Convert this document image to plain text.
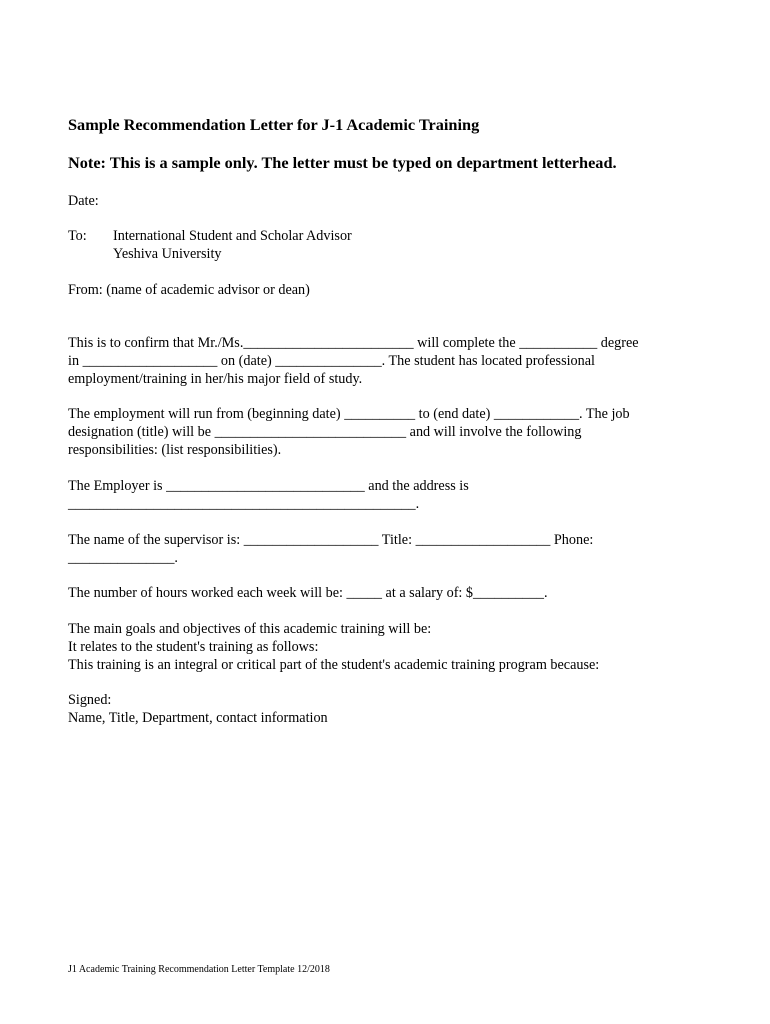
Sample Recommendation Letter for J-1 Academic Training
Note: This is a sample only. The letter must be typed on department letterhead.
Date:
To: International Student and Scholar Advisor
Yeshiva University
From: (name of academic advisor or dean)
This is to confirm that Mr./Ms.________________________ will complete the ___________ degree
in ___________________ on (date) _______________. The student has located professional
employment/training in her/his major field of study.
The employment will run from (beginning date) __________ to (end date) ____________. The job
designation (title) will be ___________________________ and will involve the following
responsibilities: (list responsibilities).
The Employer is ____________________________ and the address is
_________________________________________________.
The name of the supervisor is: ___________________ Title: ___________________ Phone:
_______________.
The number of hours worked each week will be: _____ at a salary of: $__________.
The main goals and objectives of this academic training will be:
It relates to the student's training as follows:
This training is an integral or critical part of the student's academic training program because:
Signed:
Name, Title, Department, contact information
J1 Academic Training Recommendation Letter Template 12/2018
